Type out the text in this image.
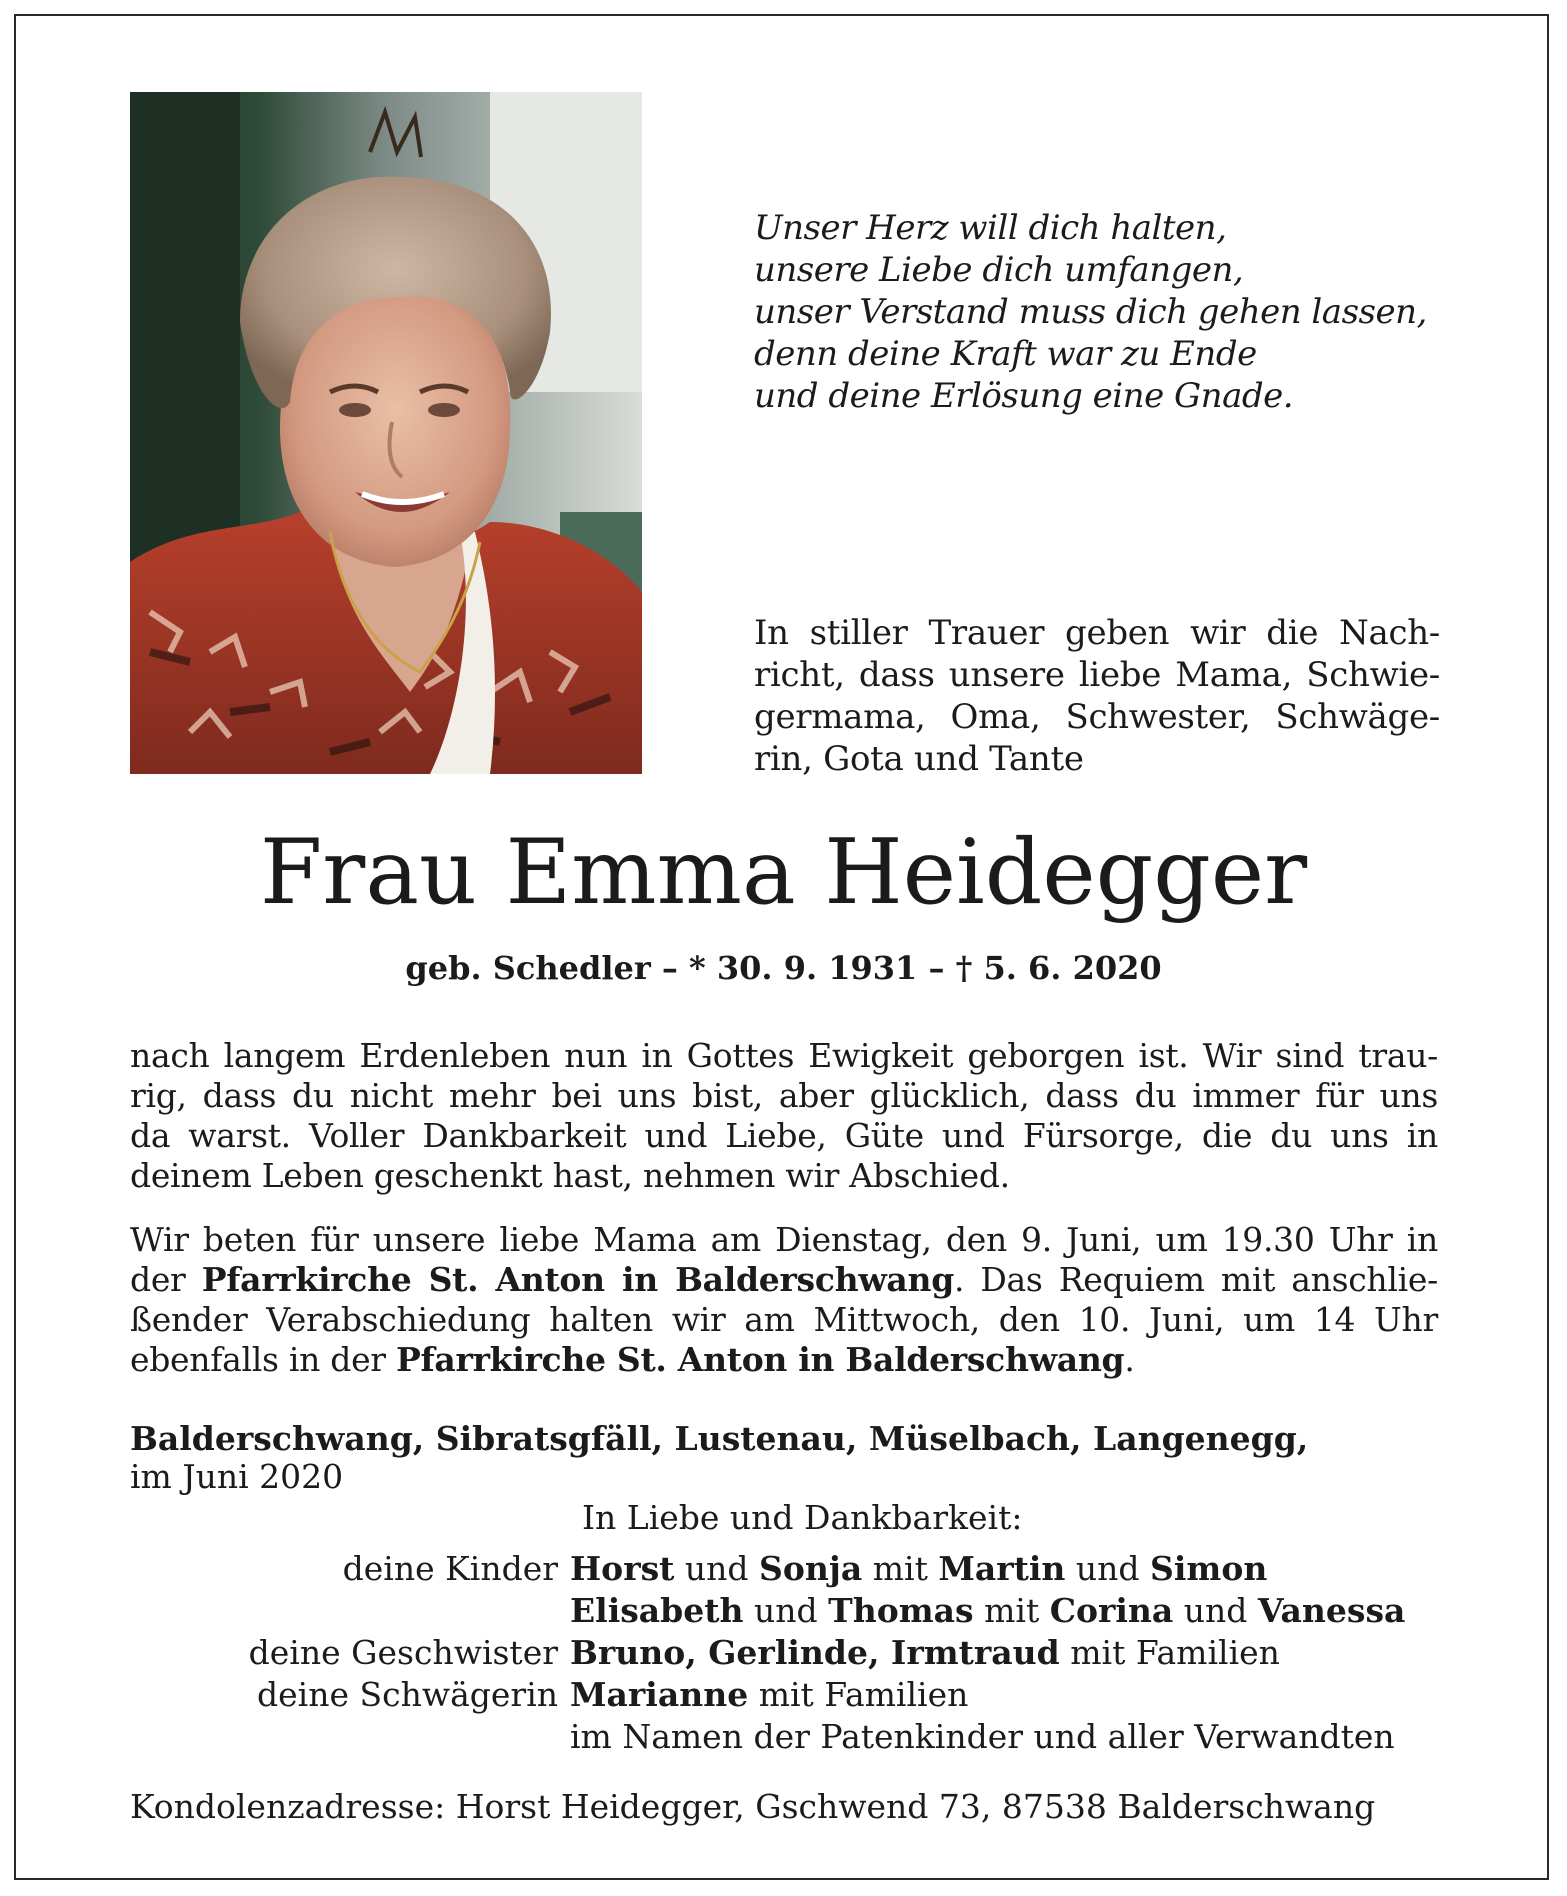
Unser Herz will dich halten,
unsere Liebe dich umfangen,
unser Verstand muss dich gehen lassen,
denn deine Kraft war zu Ende
und deine Erlösung eine Gnade.
In stiller Trauer geben wir die Nach-
richt, dass unsere liebe Mama, Schwie-
germama, Oma, Schwester, Schwäge-
rin, Gota und Tante
Frau Emma Heidegger
geb. Schedler – * 30. 9. 1931 – † 5. 6. 2020
nach langem Erdenleben nun in Gottes Ewigkeit geborgen ist. Wir sind trau-
rig, dass du nicht mehr bei uns bist, aber glücklich, dass du immer für uns
da warst. Voller Dankbarkeit und Liebe, Güte und Fürsorge, die du uns in
deinem Leben geschenkt hast, nehmen wir Abschied.
Wir beten für unsere liebe Mama am Dienstag, den 9. Juni, um 19.30 Uhr in
der Pfarrkirche St. Anton in Balderschwang. Das Requiem mit anschlie-
ßender Verabschiedung halten wir am Mittwoch, den 10. Juni, um 14 Uhr
ebenfalls in der Pfarrkirche St. Anton in Balderschwang.
Balderschwang, Sibratsgfäll, Lustenau, Müselbach, Langenegg,
im Juni 2020
In Liebe und Dankbarkeit:
deine Kinder Horst und Sonja mit Martin und Simon
Elisabeth und Thomas mit Corina und Vanessa
deine Geschwister Bruno, Gerlinde, Irmtraud mit Familien
deine Schwägerin Marianne mit Familien
im Namen der Patenkinder und aller Verwandten
Kondolenzadresse: Horst Heidegger, Gschwend 73, 87538 Balderschwang
